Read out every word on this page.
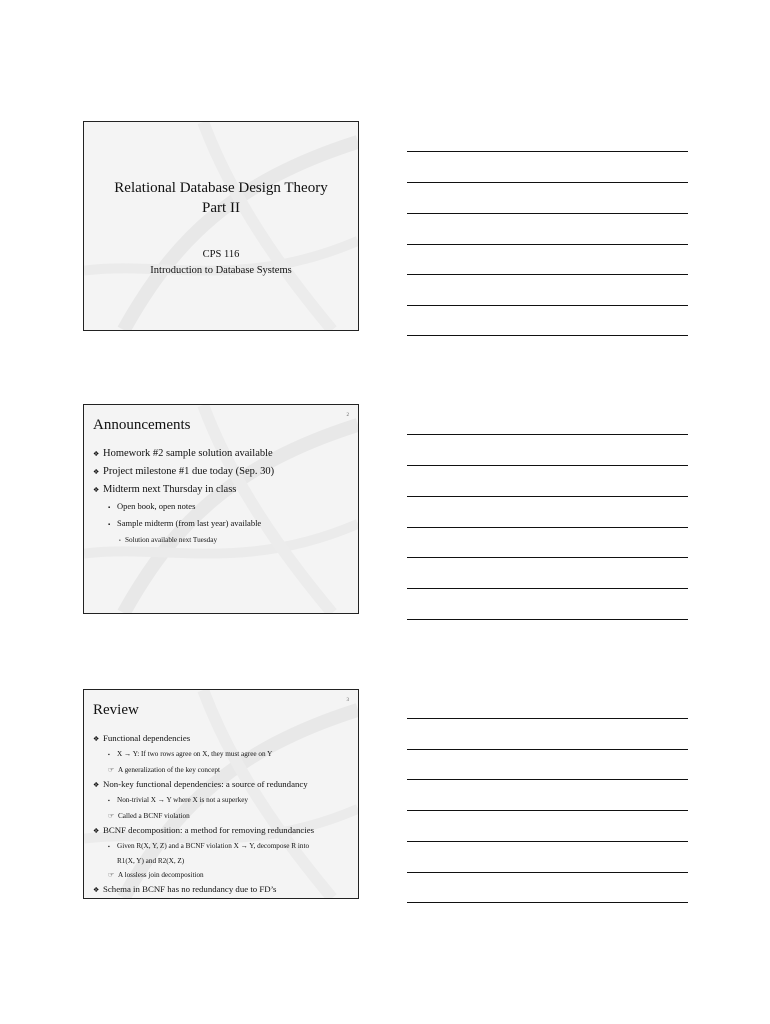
Relational Database Design Theory
Part II
CPS 116
Introduction to Database Systems
2
Announcements
❖ Homework #2 sample solution available
❖ Project milestone #1 due today (Sep. 30)
❖ Midterm next Thursday in class
▪ Open book, open notes
▪ Sample midterm (from last year) available
• Solution available next Tuesday
3
Review
❖ Functional dependencies
▪ X → Y: If two rows agree on X, they must agree on Y
☞ A generalization of the key concept
❖ Non-key functional dependencies: a source of redundancy
▪ Non-trivial X → Y where X is not a superkey
☞ Called a BCNF violation
❖ BCNF decomposition: a method for removing redundancies
▪ Given R(X, Y, Z) and a BCNF violation X → Y, decompose R into
R1(X, Y) and R2(X, Z)
☞ A lossless join decomposition
❖ Schema in BCNF has no redundancy due to FD’s
